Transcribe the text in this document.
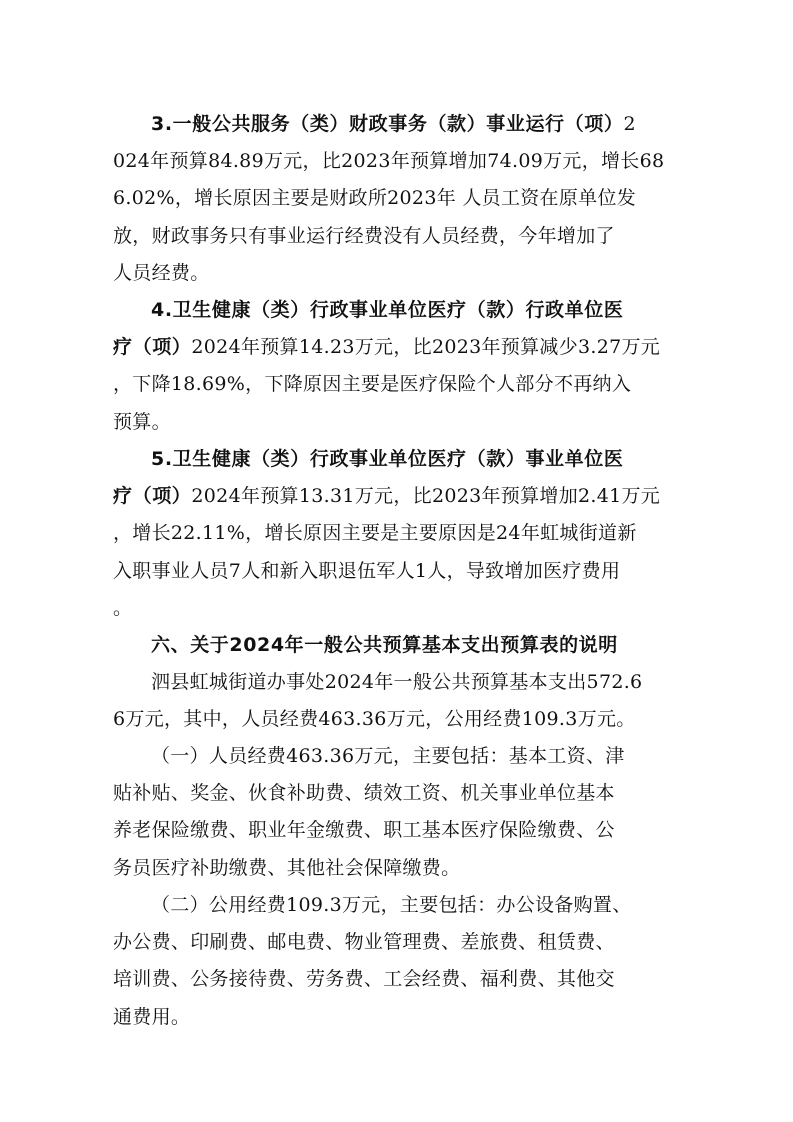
3.一般公共服务（类）财政事务（款）事业运行（项）2
024年预算84.89万元，比2023年预算增加74.09万元，增长68
6.02%，增长原因主要是财政所2023年 人员工资在原单位发
放，财政事务只有事业运行经费没有人员经费，今年增加了
人员经费。
4.卫生健康（类）行政事业单位医疗（款）行政单位医
疗（项）2024年预算14.23万元，比2023年预算减少3.27万元
，下降18.69%，下降原因主要是医疗保险个人部分不再纳入
预算。
5.卫生健康（类）行政事业单位医疗（款）事业单位医
疗（项）2024年预算13.31万元，比2023年预算增加2.41万元
，增长22.11%，增长原因主要是主要原因是24年虹城街道新
入职事业人员7人和新入职退伍军人1人，导致增加医疗费用
。
六、关于2024年一般公共预算基本支出预算表的说明
泗县虹城街道办事处2024年一般公共预算基本支出572.6
6万元，其中，人员经费463.36万元，公用经费109.3万元。
（一）人员经费463.36万元，主要包括：基本工资、津
贴补贴、奖金、伙食补助费、绩效工资、机关事业单位基本
养老保险缴费、职业年金缴费、职工基本医疗保险缴费、公
务员医疗补助缴费、其他社会保障缴费。
（二）公用经费109.3万元，主要包括：办公设备购置、
办公费、印刷费、邮电费、物业管理费、差旅费、租赁费、
培训费、公务接待费、劳务费、工会经费、福利费、其他交
通费用。
